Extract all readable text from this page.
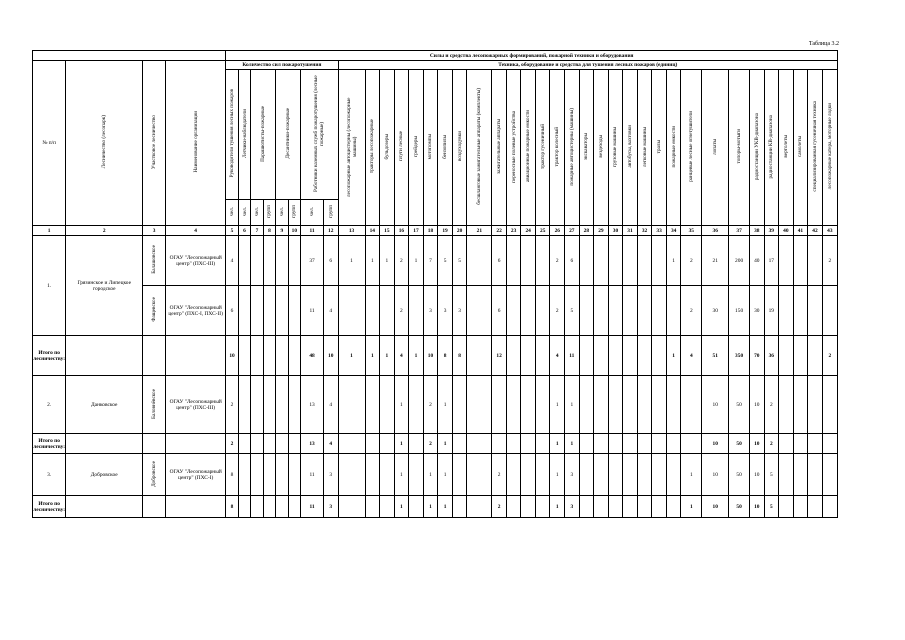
Таблица 3.2
				Силы и средства лесопожарных формирований, пожарной техники и оборудования																																						
№ п/п	Лесничество (лесопарк)	Участковое лесничество	Наименование организации	Количество сил пожаротушения								Техника, оборудование и средства для тушения лесных пожаров (единиц)																														
				Руководители тушения лесных пожаров	Летчики-наблюдатели	Парашютисты-пожарные		Десантники-пожарные		Работники наземных служб пожаротушения (лесные пожарные)		лесопожарные автоцистерны (лесопожарные машины)	тракторы лесопожарные	бульдозеры	плуги лесные	грейдеры	мотопомпы	бензопилы	воздуходувки	бесшланговые зажигательные аппараты (комплекты)	зажигательные аппараты	переносные полевые устройства	авиационные пожарные емкости	трактор гусеничный	трактор колесный	пожарные автоцистерны (машины)	экскаваторы	вездеходы	грузовые машины	автобусы, вахтовки	легковые машины	тралы	пожарные емкости	ранцевые лесные огнетушители	лопаты	топоры-мотыги	радиостанции УКВ-диапазона	радиостанции КВ-диапазона	вертолеты	самолеты	специализированная гусеничная техника	лесопожарные катера, моторные лодки
				чел.	чел.	чел.	групп	чел.	групп	чел.	групп																															
1	2	3	4	5	6	7	8	9	10	11	12	13	14	15	16	17	18	19	20	21	22	23	24	25	26	27	28	29	30	31	32	33	34	35	36	37	38	39	40	41	42	43
1.	Грязинское и Липецкое городское	Балашовское	ОГАУ "Лесопожарный центр" (ПХС-III)	4						37	6	1	1	1	2	1	7	5	5		6				2	6							1	2	21	200	40	17				2
		Фащевское	ОГАУ "Лесопожарный центр" (ПХС-I, ПХС-II)	6						11	4				2		3	3	3		6				2	5								2	30	150	30	19				
Итого по лесничеству:				10						48	10	1	1	1	4	1	10	8	8		12				4	11							1	4	51	350	70	36				2
2.	Данковское	Баловнёвское	ОГАУ "Лесопожарный центр" (ПХС-III)	2						13	4				1		2	1							1	1									10	50	10	2				
Итого по лесничеству:				2						13	4				1		2	1							1	1									10	50	10	2				
3.	Добровское	Добровское	ОГАУ "Лесопожарный центр" (ПХС-I)	8						11	3				1		1	1			2				1	3								1	10	50	10	5				
Итого по лесничеству:				8						11	3				1		1	1			2				1	3								1	10	50	10	5				
